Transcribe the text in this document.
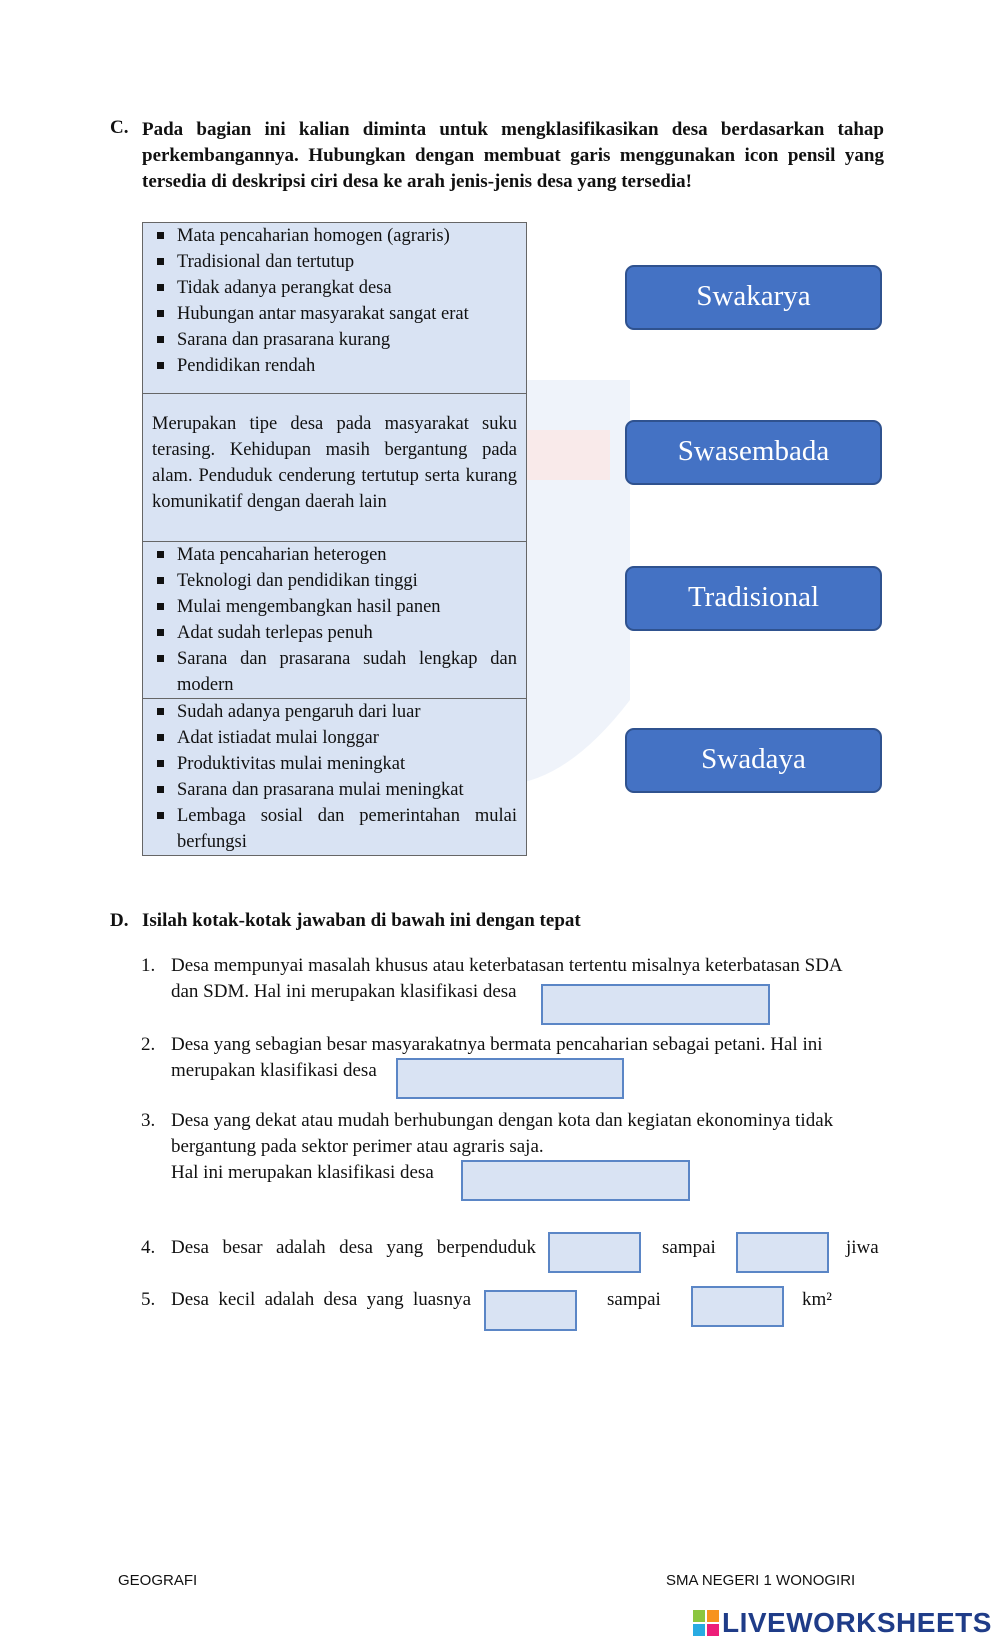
C. Pada bagian ini kalian diminta untuk mengklasifikasikan desa berdasarkan tahap perkembangannya. Hubungkan dengan membuat garis menggunakan icon pensil yang tersedia di deskripsi ciri desa ke arah jenis-jenis desa yang tersedia!
Mata pencaharian homogen (agraris)
Tradisional dan tertutup
Tidak adanya perangkat desa
Hubungan antar masyarakat sangat erat
Sarana dan prasarana kurang
Pendidikan rendah

Merupakan tipe desa pada masyarakat suku terasing. Kehidupan masih bergantung pada alam. Penduduk cenderung tertutup serta kurang komunikatif dengan daerah lain

Mata pencaharian heterogen
Teknologi dan pendidikan tinggi
Mulai mengembangkan hasil panen
Adat sudah terlepas penuh
Sarana dan prasarana sudah lengkap dan modern
Sudah adanya pengaruh dari luar
Adat istiadat mulai longgar
Produktivitas mulai meningkat
Sarana dan prasarana mulai meningkat
Lembaga sosial dan pemerintahan mulai berfungsi
Swakarya
Swasembada
Tradisional
Swadaya
D. Isilah kotak-kotak jawaban di bawah ini dengan tepat
1. Desa mempunyai masalah khusus atau keterbatasan tertentu misalnya keterbatasan SDA
dan SDM. Hal ini merupakan klasifikasi desa
2. Desa yang sebagian besar masyarakatnya bermata pencaharian sebagai petani. Hal ini
merupakan klasifikasi desa
3. Desa yang dekat atau mudah berhubungan dengan kota dan kegiatan ekonominya tidak
bergantung pada sektor perimer atau agraris saja.
Hal ini merupakan klasifikasi desa
4. Desa besar adalah desa yang berpenduduk	sampai	jiwa
5. Desa kecil adalah desa yang luasnya	sampai	km²
GEOGRAFI	SMA NEGERI 1 WONOGIRI
LIVEWORKSHEETS
